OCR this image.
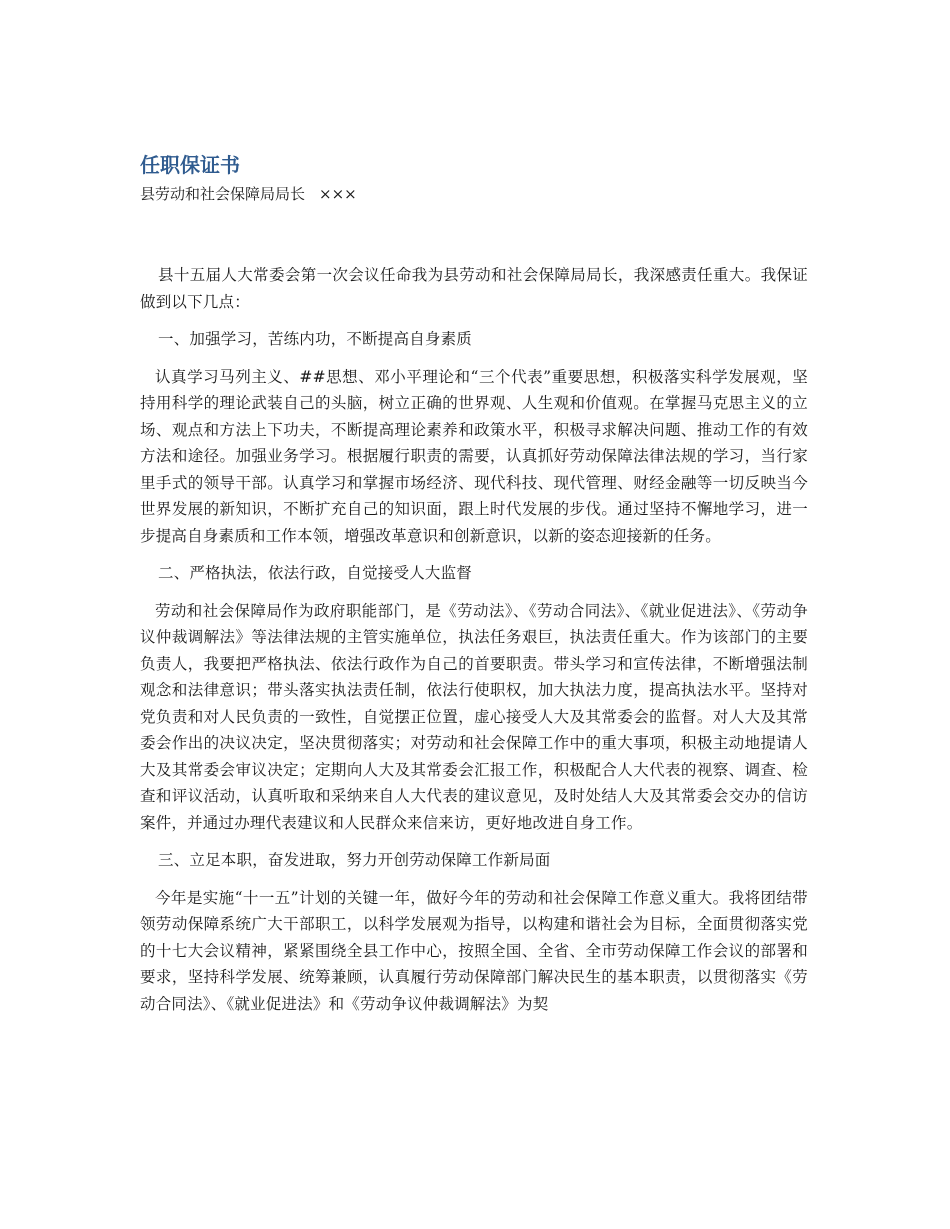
任职保证书
县劳动和社会保障局局长 ×××

县十五届人大常委会第一次会议任命我为县劳动和社会保障局局长，我深感责任重大。我保证做到以下几点：

一、加强学习，苦练内功，不断提高自身素质

认真学习马列主义、##思想、邓小平理论和“三个代表”重要思想，积极落实科学发展观，坚持用科学的理论武装自己的头脑，树立正确的世界观、人生观和价值观。在掌握马克思主义的立场、观点和方法上下功夫，不断提高理论素养和政策水平，积极寻求解决问题、推动工作的有效方法和途径。加强业务学习。根据履行职责的需要，认真抓好劳动保障法律法规的学习，当行家里手式的领导干部。认真学习和掌握市场经济、现代科技、现代管理、财经金融等一切反映当今世界发展的新知识，不断扩充自己的知识面，跟上时代发展的步伐。通过坚持不懈地学习，进一步提高自身素质和工作本领，增强改革意识和创新意识，以新的姿态迎接新的任务。

二、严格执法，依法行政，自觉接受人大监督

劳动和社会保障局作为政府职能部门，是《劳动法》、《劳动合同法》、《就业促进法》、《劳动争议仲裁调解法》等法律法规的主管实施单位，执法任务艰巨，执法责任重大。作为该部门的主要负责人，我要把严格执法、依法行政作为自己的首要职责。带头学习和宣传法律，不断增强法制观念和法律意识；带头落实执法责任制，依法行使职权，加大执法力度，提高执法水平。坚持对党负责和对人民负责的一致性，自觉摆正位置，虚心接受人大及其常委会的监督。对人大及其常委会作出的决议决定，坚决贯彻落实；对劳动和社会保障工作中的重大事项，积极主动地提请人大及其常委会审议决定；定期向人大及其常委会汇报工作，积极配合人大代表的视察、调查、检查和评议活动，认真听取和采纳来自人大代表的建议意见，及时处结人大及其常委会交办的信访案件，并通过办理代表建议和人民群众来信来访，更好地改进自身工作。

三、立足本职，奋发进取，努力开创劳动保障工作新局面

今年是实施“十一五”计划的关键一年，做好今年的劳动和社会保障工作意义重大。我将团结带领劳动保障系统广大干部职工，以科学发展观为指导，以构建和谐社会为目标，全面贯彻落实党的十七大会议精神，紧紧围绕全县工作中心，按照全国、全省、全市劳动保障工作会议的部署和要求，坚持科学发展、统筹兼顾，认真履行劳动保障部门解决民生的基本职责，以贯彻落实《劳动合同法》、《就业促进法》和《劳动争议仲裁调解法》为契
